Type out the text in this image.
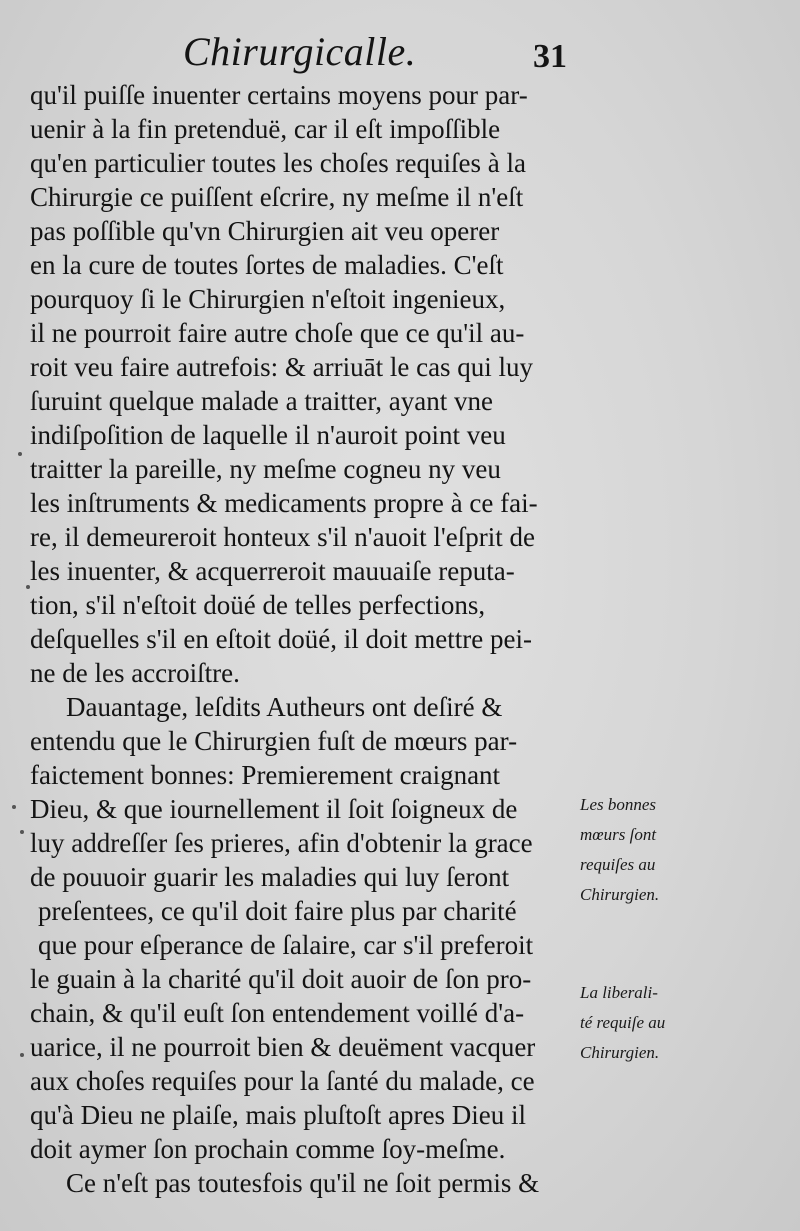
Chirurgicalle.	31
qu'il puiſſe inuenter certains moyens pour par-
uenir à la fin pretenduë, car il eſt impoſſible
qu'en particulier toutes les choſes requiſes à la
Chirurgie ce puiſſent eſcrire, ny meſme il n'eſt
pas poſſible qu'vn Chirurgien ait veu operer
en la cure de toutes ſortes de maladies. C'eſt
pourquoy ſi le Chirurgien n'eſtoit ingenieux,
il ne pourroit faire autre choſe que ce qu'il au-
roit veu faire autrefois: & arriuāt le cas qui luy
ſuruint quelque malade a traitter, ayant vne
indiſpoſition de laquelle il n'auroit point veu
traitter la pareille, ny meſme cogneu ny veu
les inſtruments & medicaments propre à ce fai-
re, il demeureroit honteux s'il n'auoit l'eſprit de
les inuenter, & acquerreroit mauuaiſe reputa-
tion, s'il n'eſtoit doüé de telles perfections,
deſquelles s'il en eſtoit doüé, il doit mettre pei-
ne de les accroiſtre.
Dauantage, leſdits Autheurs ont deſiré &
entendu que le Chirurgien fuſt de mœurs par-
faictement bonnes: Premierement craignant
Dieu, & que iournellement il ſoit ſoigneux de
luy addreſſer ſes prieres, afin d'obtenir la grace
de pouuoir guarir les maladies qui luy ſeront
preſentees, ce qu'il doit faire plus par charité
que pour eſperance de ſalaire, car s'il preferoit
le guain à la charité qu'il doit auoir de ſon pro-
chain, & qu'il euſt ſon entendement voillé d'a-
uarice, il ne pourroit bien & deuëment vacquer
aux choſes requiſes pour la ſanté du malade, ce
qu'à Dieu ne plaiſe, mais pluſtoſt apres Dieu il
doit aymer ſon prochain comme ſoy-meſme.
Ce n'eſt pas toutesfois qu'il ne ſoit permis &
Les bonnes
mœurs ſont
requiſes au
Chirurgien.
La liberali-
té requiſe au
Chirurgien.
